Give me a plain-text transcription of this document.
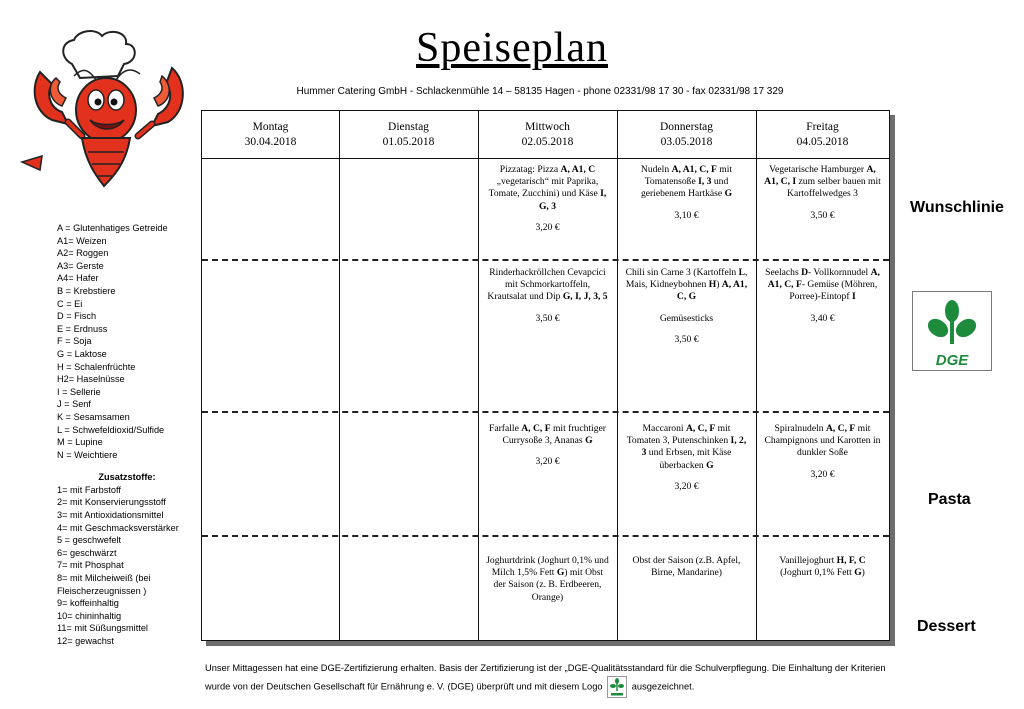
Speiseplan
Hummer Catering GmbH - Schlackenmühle 14 – 58135 Hagen - phone 02331/98 17 30 - fax 02331/98 17 329
A = Glutenhatiges Getreide
A1= Weizen
A2= Roggen
A3= Gerste
A4= Hafer
B = Krebstiere
C = Ei
D = Fisch
E = Erdnuss
F = Soja
G = Laktose
H = Schalenfrüchte
H2= Haselnüsse
I = Sellerie
J = Senf
K = Sesamsamen
L = Schwefeldioxid/Sulfide
M = Lupine
N = Weichtiere
Zusatzstoffe:
1= mit Farbstoff
2= mit Konservierungsstoff
3= mit Antioxidationsmittel
4= mit Geschmacksverstärker
5 = geschwefelt
6= geschwärzt
7= mit Phosphat
8= mit Milcheiweiß (bei
Fleischerzeugnissen )
9= koffeinhaltig
10= chininhaltig
11= mit Süßungsmittel
12= gewachst
Montag
30.04.2018
Dienstag
01.05.2018
Mittwoch
02.05.2018
Donnerstag
03.05.2018
Freitag
04.05.2018
Pizzatag: Pizza A, A1, C „vegetarisch“ mit Paprika, Tomate, Zucchini) und Käse I, G, 3
3,20 €
Nudeln A, A1, C, F mit Tomatensoße I, 3 und geriebenem Hartkäse G
3,10 €
Vegetarische Hamburger A, A1, C, I zum selber bauen mit Kartoffelwedges 3
3,50 €
Rinderhackröllchen Cevapcici mit Schmorkartoffeln, Krautsalat und Dip G, I, J, 3, 5
3,50 €
Chili sin Carne 3 (Kartoffeln L, Mais, Kidneybohnen H) A, A1, C, G
Gemüsesticks
3,50 €
Seelachs D- Vollkornnudel A, A1, C, F- Gemüse (Möhren, Porree)-Eintopf I
3,40 €
Farfalle A, C, F mit fruchtiger Currysoße 3, Ananas G
3,20 €
Maccaroni A, C, F mit Tomaten 3, Putenschinken I, 2, 3 und Erbsen, mit Käse überbacken G
3,20 €
Spiralnudeln A, C, F mit Champignons und Karotten in dunkler Soße
3,20 €
Joghurtdrink (Joghurt 0,1% und Milch 1,5% Fett G) mit Obst der Saison (z. B. Erdbeeren, Orange)
Obst der Saison (z.B. Apfel, Birne, Mandarine)
Vanillejoghurt H, F, C (Joghurt 0,1% Fett G)
Wunschlinie
Pasta
Dessert
DGE
Unser Mittagessen hat eine DGE-Zertifizierung erhalten. Basis der Zertifizierung ist der „DGE-Qualitätsstandard für die Schulverpflegung. Die Einhaltung der Kriterien wurde von der Deutschen Gesellschaft für Ernährung e. V. (DGE) überprüft und mit diesem Logo	ausgezeichnet.
